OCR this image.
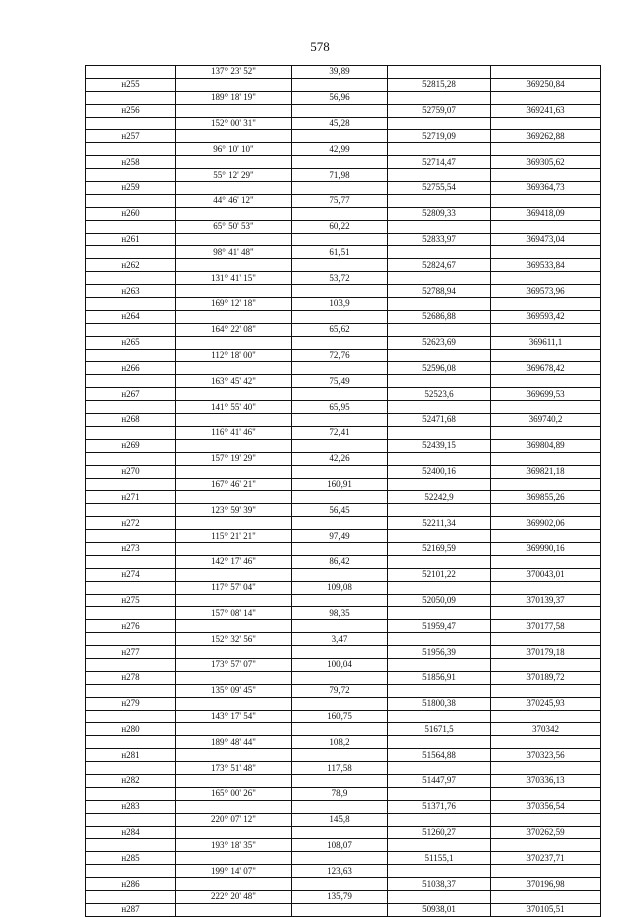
578
	137° 23' 52"	39,89		
н255			52815,28	369250,84
	189° 18' 19"	56,96		
н256			52759,07	369241,63
	152° 00' 31"	45,28		
н257			52719,09	369262,88
	96° 10' 10"	42,99		
н258			52714,47	369305,62
	55° 12' 29"	71,98		
н259			52755,54	369364,73
	44° 46' 12"	75,77		
н260			52809,33	369418,09
	65° 50' 53"	60,22		
н261			52833,97	369473,04
	98° 41' 48"	61,51		
н262			52824,67	369533,84
	131° 41' 15"	53,72		
н263			52788,94	369573,96
	169° 12' 18"	103,9		
н264			52686,88	369593,42
	164° 22' 08"	65,62		
н265			52623,69	369611,1
	112° 18' 00"	72,76		
н266			52596,08	369678,42
	163° 45' 42"	75,49		
н267			52523,6	369699,53
	141° 55' 40"	65,95		
н268			52471,68	369740,2
	116° 41' 46"	72,41		
н269			52439,15	369804,89
	157° 19' 29"	42,26		
н270			52400,16	369821,18
	167° 46' 21"	160,91		
н271			52242,9	369855,26
	123° 59' 39"	56,45		
н272			52211,34	369902,06
	115° 21' 21"	97,49		
н273			52169,59	369990,16
	142° 17' 46"	86,42		
н274			52101,22	370043,01
	117° 57' 04"	109,08		
н275			52050,09	370139,37
	157° 08' 14"	98,35		
н276			51959,47	370177,58
	152° 32' 56"	3,47		
н277			51956,39	370179,18
	173° 57' 07"	100,04		
н278			51856,91	370189,72
	135° 09' 45"	79,72		
н279			51800,38	370245,93
	143° 17' 54"	160,75		
н280			51671,5	370342
	189° 48' 44"	108,2		
н281			51564,88	370323,56
	173° 51' 48"	117,58		
н282			51447,97	370336,13
	165° 00' 26"	78,9		
н283			51371,76	370356,54
	220° 07' 12"	145,8		
н284			51260,27	370262,59
	193° 18' 35"	108,07		
н285			51155,1	370237,71
	199° 14' 07"	123,63		
н286			51038,37	370196,98
	222° 20' 48"	135,79		
н287			50938,01	370105,51
